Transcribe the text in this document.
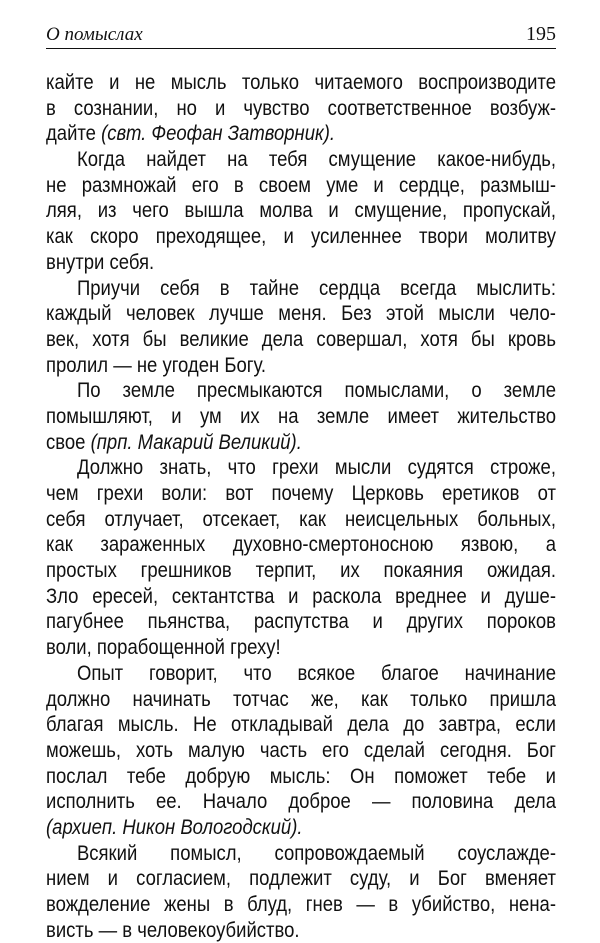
О помыслах	195
кайте и не мысль только читаемого воспроизводите
в сознании, но и чувство соответственное возбуж-
дайте (свт. Феофан Затворник).
Когда найдет на тебя смущение какое-нибудь,
не размножай его в своем уме и сердце, размыш-
ляя, из чего вышла молва и смущение, пропускай,
как скоро преходящее, и усиленнее твори молитву
внутри себя.
Приучи себя в тайне сердца всегда мыслить:
каждый человек лучше меня. Без этой мысли чело-
век, хотя бы великие дела совершал, хотя бы кровь
пролил — не угоден Богу.
По земле пресмыкаются помыслами, о земле
помышляют, и ум их на земле имеет жительство
свое (прп. Макарий Великий).
Должно знать, что грехи мысли судятся строже,
чем грехи воли: вот почему Церковь еретиков от
себя отлучает, отсекает, как неисцельных больных,
как зараженных духовно-смертоносною язвою, а
простых грешников терпит, их покаяния ожидая.
Зло ересей, сектантства и раскола вреднее и душе-
пагубнее пьянства, распутства и других пороков
воли, порабощенной греху!
Опыт говорит, что всякое благое начинание
должно начинать тотчас же, как только пришла
благая мысль. Не откладывай дела до завтра, если
можешь, хоть малую часть его сделай сегодня. Бог
послал тебе добрую мысль: Он поможет тебе и
исполнить ее. Начало доброе — половина дела
(архиеп. Никон Вологодский).
Всякий помысл, сопровождаемый соуслажде-
нием и согласием, подлежит суду, и Бог вменяет
вожделение жены в блуд, гнев — в убийство, нена-
висть — в человекоубийство.
